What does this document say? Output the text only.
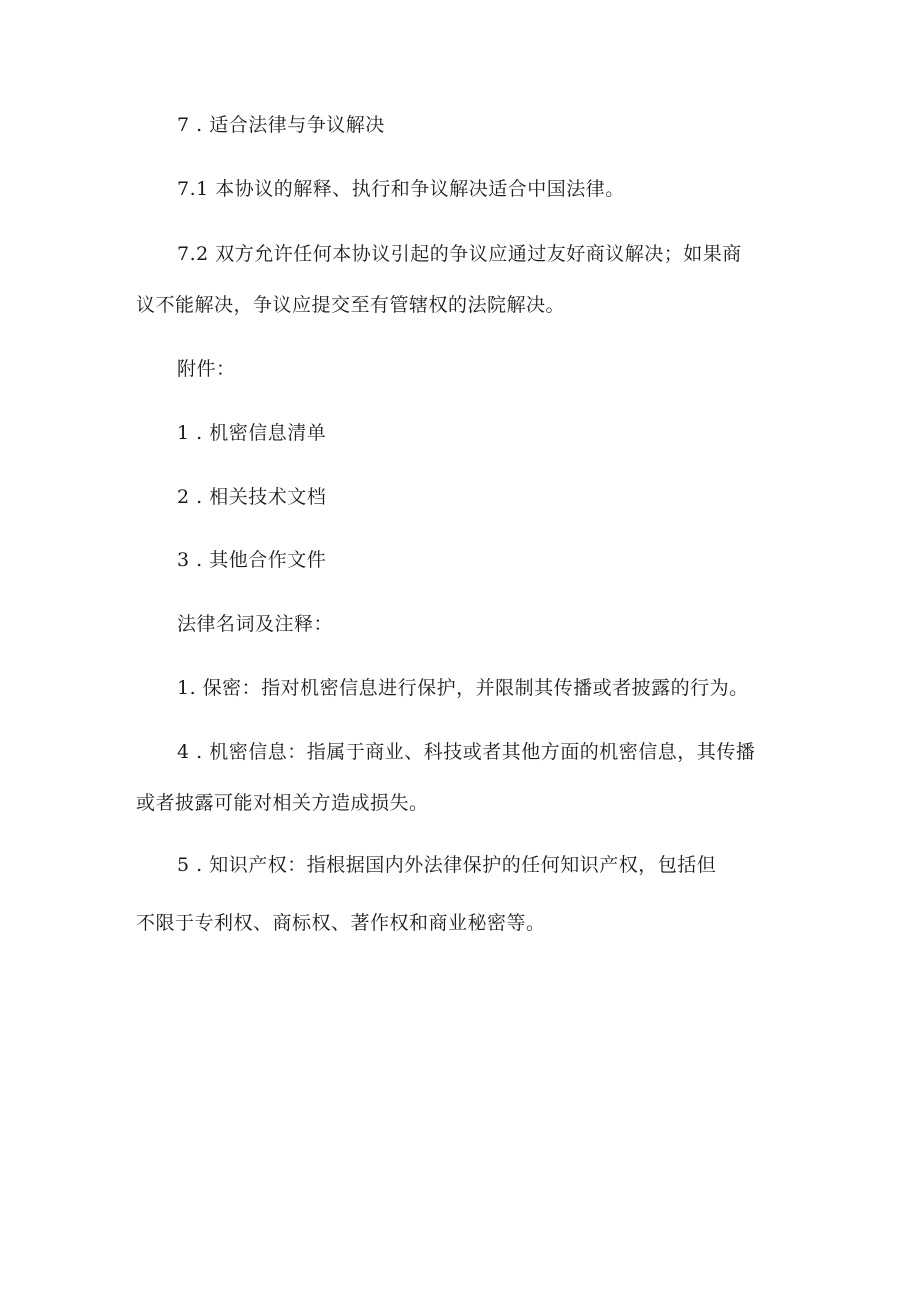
7 . 适合法律与争议解决
7.1 本协议的解释、执行和争议解决适合中国法律。
7.2 双方允许任何本协议引起的争议应通过友好商议解决；如果商
议不能解决，争议应提交至有管辖权的法院解决。
附件：
1 . 机密信息清单
2 . 相关技术文档
3 . 其他合作文件
法律名词及注释：
1. 保密：指对机密信息进行保护，并限制其传播或者披露的行为。
4 . 机密信息：指属于商业、科技或者其他方面的机密信息，其传播
或者披露可能对相关方造成损失。
5 . 知识产权：指根据国内外法律保护的任何知识产权，包括但
不限于专利权、商标权、著作权和商业秘密等。
